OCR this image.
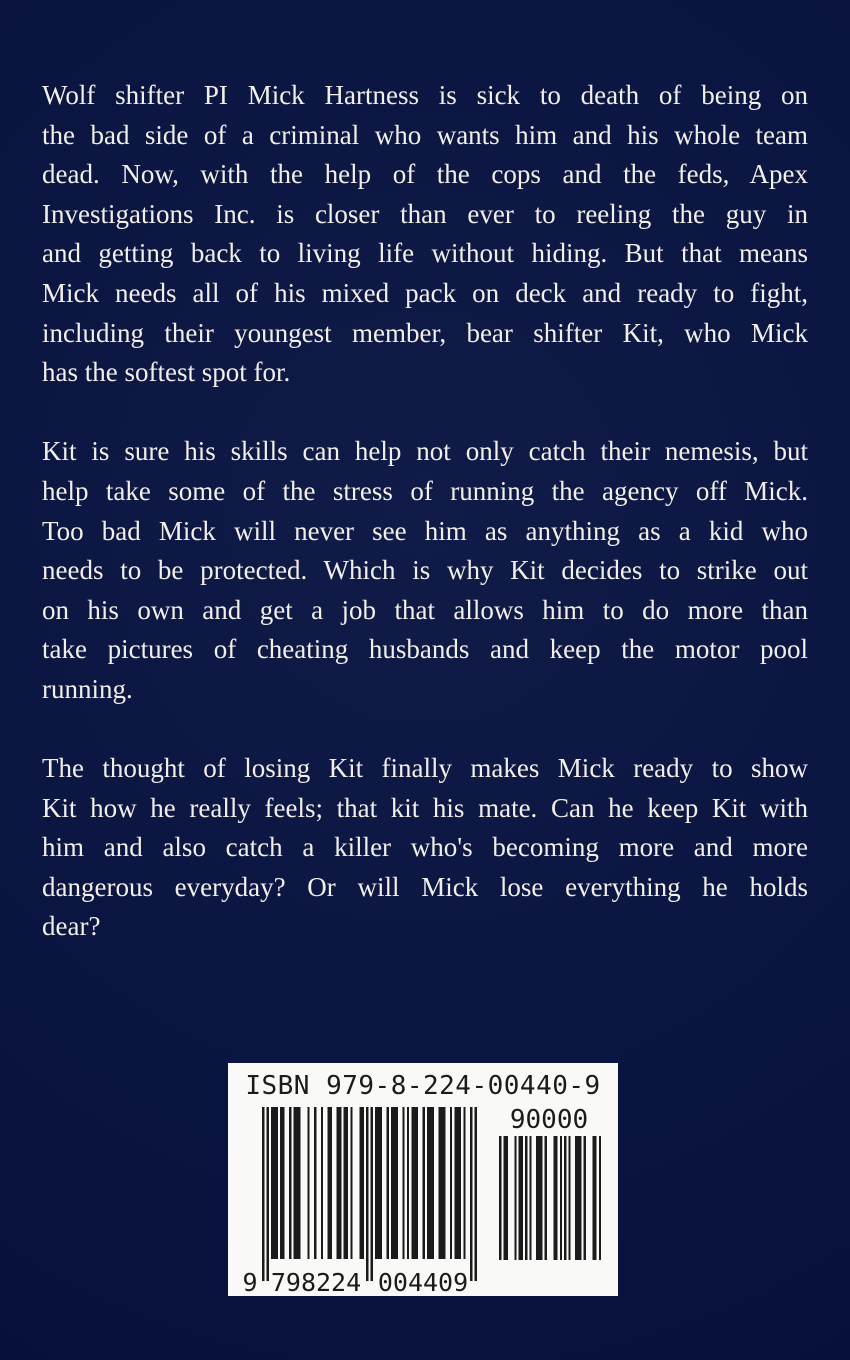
Wolf shifter PI Mick Hartness is sick to death of being on
the bad side of a criminal who wants him and his whole team
dead. Now, with the help of the cops and the feds, Apex
Investigations Inc. is closer than ever to reeling the guy in
and getting back to living life without hiding. But that means
Mick needs all of his mixed pack on deck and ready to fight,
including their youngest member, bear shifter Kit, who Mick
has the softest spot for.
Kit is sure his skills can help not only catch their nemesis, but
help take some of the stress of running the agency off Mick.
Too bad Mick will never see him as anything as a kid who
needs to be protected. Which is why Kit decides to strike out
on his own and get a job that allows him to do more than
take pictures of cheating husbands and keep the motor pool
running.
The thought of losing Kit finally makes Mick ready to show
Kit how he really feels; that kit his mate. Can he keep Kit with
him and also catch a killer who's becoming more and more
dangerous everyday? Or will Mick lose everything he holds
dear?
ISBN 979-8-224-00440-9
9 798224 004409
90000
